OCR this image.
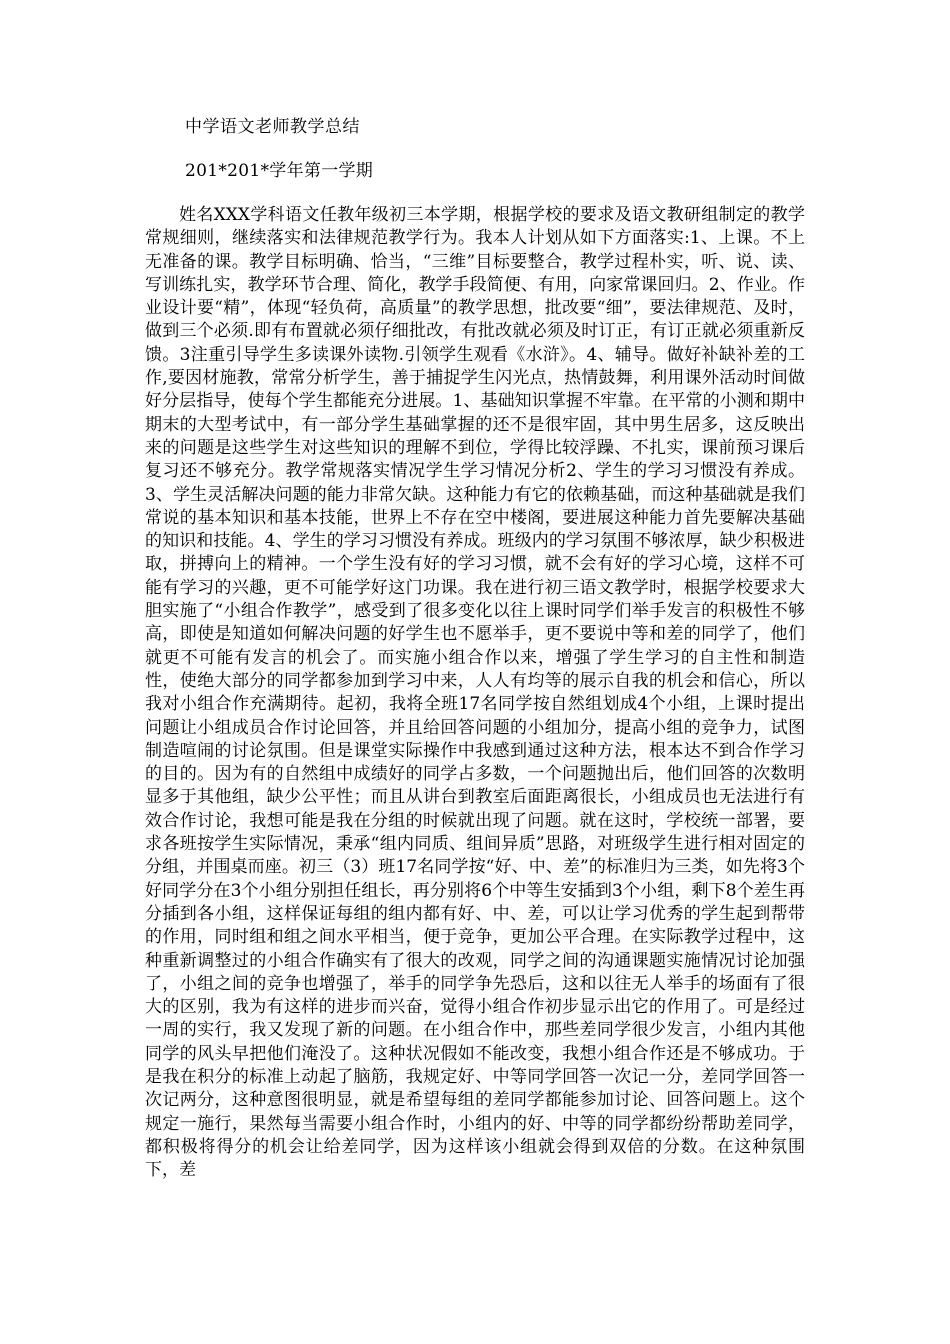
中学语文老师教学总结
201*201*学年第一学期

姓名XXX学科语文任教年级初三本学期，根据学校的要求及语文教研组制定的教学常规细则，继续落实和法律规范教学行为。我本人计划从如下方面落实:1、上课。不上无准备的课。教学目标明确、恰当，“三维”目标要整合，教学过程朴实，听、说、读、写训练扎实，教学环节合理、简化，教学手段简便、有用，向家常课回归。2、作业。作业设计要“精”，体现“轻负荷，高质量”的教学思想，批改要“细”，要法律规范、及时，做到三个必须.即有布置就必须仔细批改，有批改就必须及时订正，有订正就必须重新反馈。3注重引导学生多读课外读物.引领学生观看《水浒》。4、辅导。做好补缺补差的工作,要因材施教，常常分析学生，善于捕捉学生闪光点，热情鼓舞，利用课外活动时间做好分层指导，使每个学生都能充分进展。1、基础知识掌握不牢靠。在平常的小测和期中期末的大型考试中，有一部分学生基础掌握的还不是很牢固，其中男生居多，这反映出来的问题是这些学生对这些知识的理解不到位，学得比较浮躁、不扎实，课前预习课后复习还不够充分。教学常规落实情况学生学习情况分析2、学生的学习习惯没有养成。3、学生灵活解决问题的能力非常欠缺。这种能力有它的依赖基础，而这种基础就是我们常说的基本知识和基本技能，世界上不存在空中楼阁，要进展这种能力首先要解决基础的知识和技能。4、学生的学习习惯没有养成。班级内的学习氛围不够浓厚，缺少积极进取，拼搏向上的精神。一个学生没有好的学习习惯，就不会有好的学习心境，这样不可能有学习的兴趣，更不可能学好这门功课。我在进行初三语文教学时，根据学校要求大胆实施了“小组合作教学”，感受到了很多变化以往上课时同学们举手发言的积极性不够高，即使是知道如何解决问题的好学生也不愿举手，更不要说中等和差的同学了，他们就更不可能有发言的机会了。而实施小组合作以来，增强了学生学习的自主性和制造性，使绝大部分的同学都参加到学习中来，人人有均等的展示自我的机会和信心，所以我对小组合作充满期待。起初，我将全班17名同学按自然组划成4个小组，上课时提出问题让小组成员合作讨论回答，并且给回答问题的小组加分，提高小组的竞争力，试图制造喧闹的讨论氛围。但是课堂实际操作中我感到通过这种方法，根本达不到合作学习的目的。因为有的自然组中成绩好的同学占多数，一个问题抛出后，他们回答的次数明显多于其他组，缺少公平性；而且从讲台到教室后面距离很长，小组成员也无法进行有效合作讨论，我想可能是我在分组的时候就出现了问题。就在这时，学校统一部署，要求各班按学生实际情况，秉承“组内同质、组间异质”思路，对班级学生进行相对固定的分组，并围桌而座。初三（3）班17名同学按“好、中、差”的标准归为三类，如先将3个好同学分在3个小组分别担任组长，再分别将6个中等生安插到3个小组，剩下8个差生再分插到各小组，这样保证每组的组内都有好、中、差，可以让学习优秀的学生起到帮带的作用，同时组和组之间水平相当，便于竞争，更加公平合理。在实际教学过程中，这种重新调整过的小组合作确实有了很大的改观，同学之间的沟通课题实施情况讨论加强了，小组之间的竞争也增强了，举手的同学争先恐后，这和以往无人举手的场面有了很大的区别，我为有这样的进步而兴奋，觉得小组合作初步显示出它的作用了。可是经过一周的实行，我又发现了新的问题。在小组合作中，那些差同学很少发言，小组内其他同学的风头早把他们淹没了。这种状况假如不能改变，我想小组合作还是不够成功。于是我在积分的标准上动起了脑筋，我规定好、中等同学回答一次记一分，差同学回答一次记两分，这种意图很明显，就是希望每组的差同学都能参加讨论、回答问题上。这个规定一施行，果然每当需要小组合作时，小组内的好、中等的同学都纷纷帮助差同学，都积极将得分的机会让给差同学，因为这样该小组就会得到双倍的分数。在这种氛围下，差
